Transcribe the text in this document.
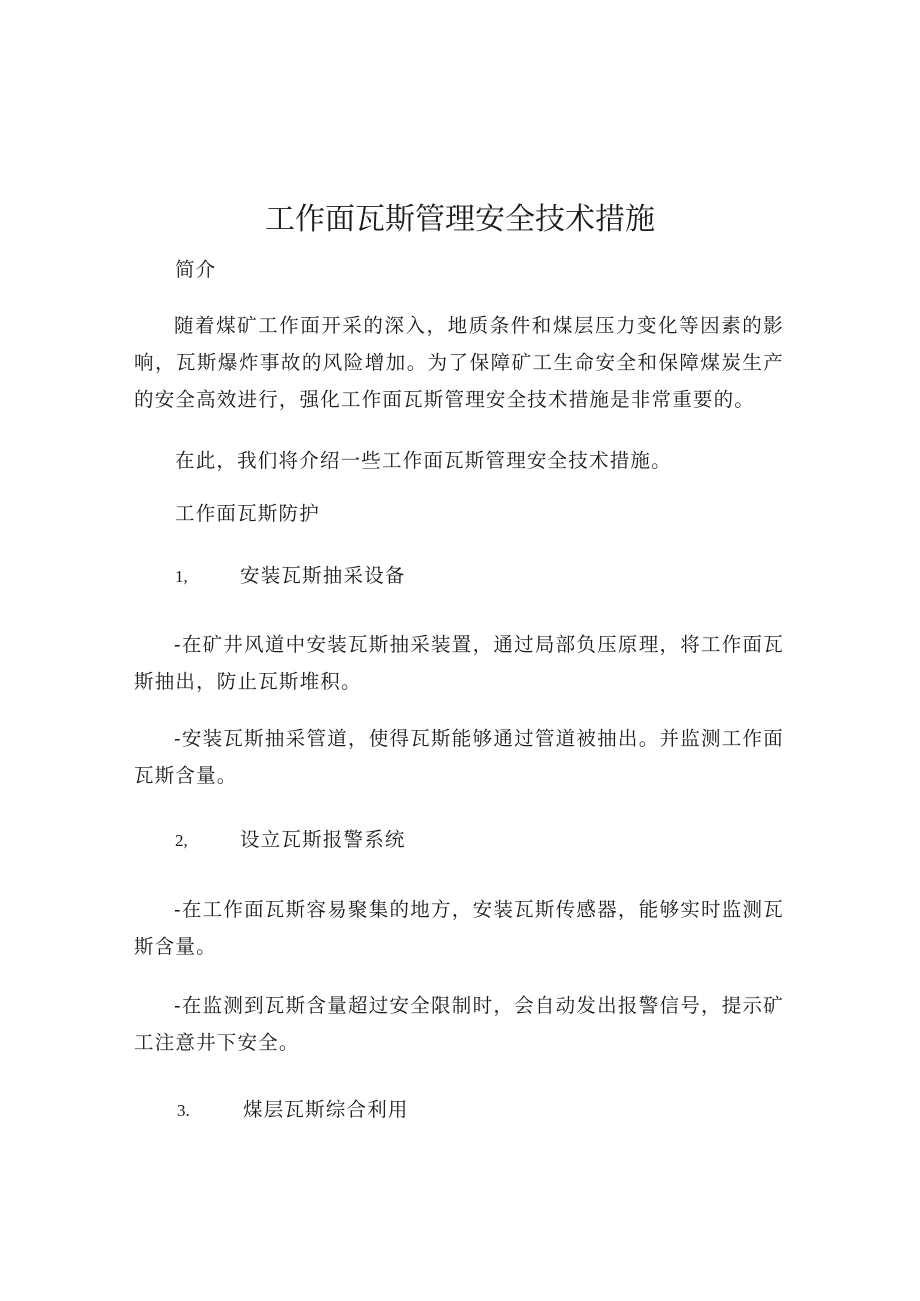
工作面瓦斯管理安全技术措施

简介

随着煤矿工作面开采的深入，地质条件和煤层压力变化等因素的影响，瓦斯爆炸事故的风险增加。为了保障矿工生命安全和保障煤炭生产的安全高效进行，强化工作面瓦斯管理安全技术措施是非常重要的。

在此，我们将介绍一些工作面瓦斯管理安全技术措施。

工作面瓦斯防护

1,	安装瓦斯抽采设备

-在矿井风道中安装瓦斯抽采装置，通过局部负压原理，将工作面瓦斯抽出，防止瓦斯堆积。

-安装瓦斯抽采管道，使得瓦斯能够通过管道被抽出。并监测工作面瓦斯含量。

2,	设立瓦斯报警系统

-在工作面瓦斯容易聚集的地方，安装瓦斯传感器，能够实时监测瓦斯含量。

-在监测到瓦斯含量超过安全限制时，会自动发出报警信号，提示矿工注意井下安全。

3.	煤层瓦斯综合利用
